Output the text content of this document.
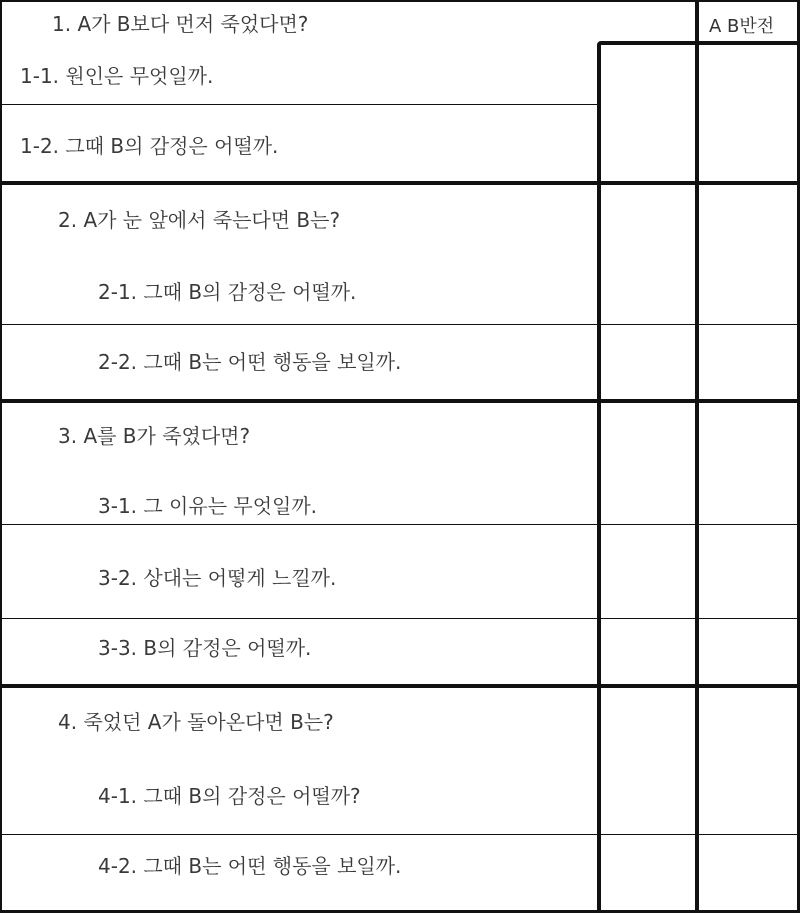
A B반전
1. A가 B보다 먼저 죽었다면?
1-1. 원인은 무엇일까.
1-2. 그때 B의 감정은 어떨까.
2. A가 눈 앞에서 죽는다면 B는?
2-1. 그때 B의 감정은 어떨까.
2-2. 그때 B는 어떤 행동을 보일까.
3. A를 B가 죽였다면?
3-1. 그 이유는 무엇일까.
3-2. 상대는 어떻게 느낄까.
3-3. B의 감정은 어떨까.
4. 죽었던 A가 돌아온다면 B는?
4-1. 그때 B의 감정은 어떨까?
4-2. 그때 B는 어떤 행동을 보일까.
